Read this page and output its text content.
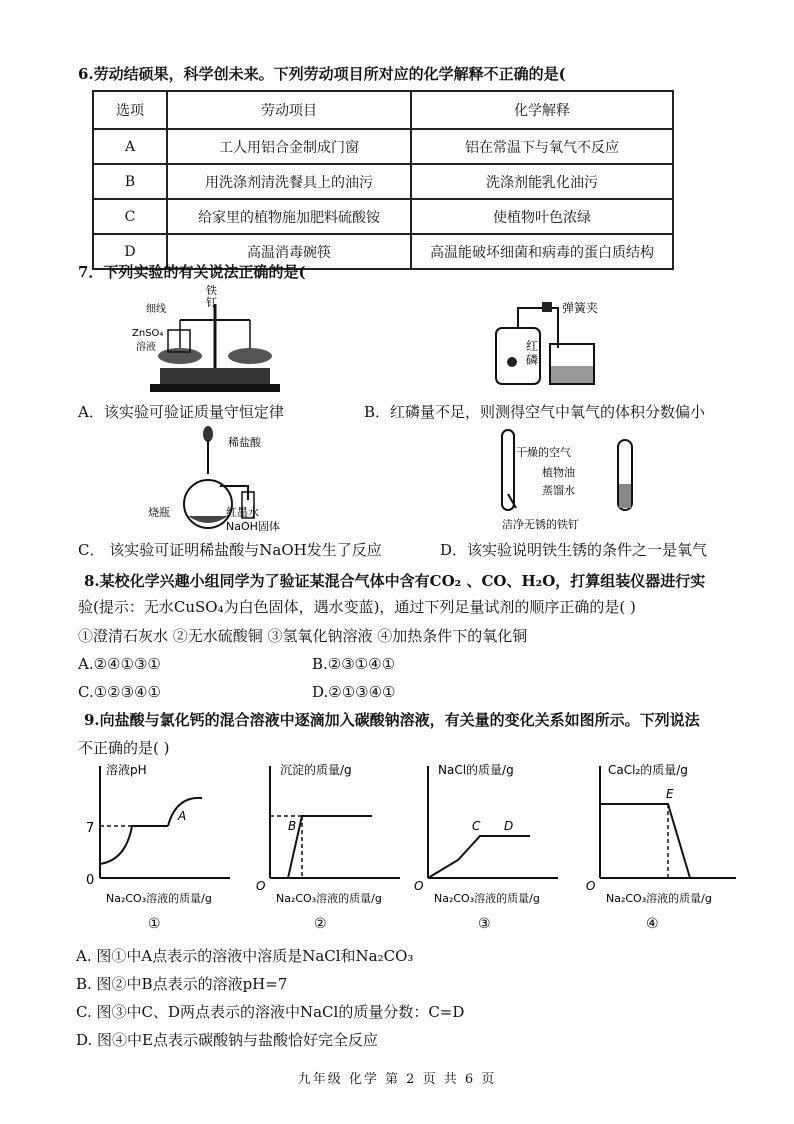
6.劳动结硕果，科学创未来。下列劳动项目所对应的化学解释不正确的是(
选项	劳动项目	化学解释
A	工人用铝合金制成门窗	铝在常温下与氧气不反应
B	用洗涤剂清洗餐具上的油污	洗涤剂能乳化油污
C	给家里的植物施加肥料硫酸铵	使植物叶色浓绿
D	高温消毒碗筷	高温能破坏细菌和病毒的蛋白质结构
7．下列实验的有关说法正确的是(
铁
钉
细线
ZnSO₄
溶液
弹簧夹
红
磷
A．该实验可验证质量守恒定律	B．红磷量不足，则测得空气中氧气的体积分数偏小
稀盐酸
红墨水
NaOH固体
烧瓶
干燥的空气
植物油
蒸馏水
洁净无锈的铁钉
C． 该实验可证明稀盐酸与NaOH发生了反应	D．该实验说明铁生锈的条件之一是氧气
8.某校化学兴趣小组同学为了验证某混合气体中含有CO₂ 、CO、H₂O，打算组装仪器进行实
验(提示：无水CuSO₄为白色固体，遇水变蓝)，通过下列足量试剂的顺序正确的是( )
①澄清石灰水 ②无水硫酸铜 ③氢氧化钠溶液 ④加热条件下的氧化铜
A.②④①③①	B.②③①④①
C.①②③④①	D.②①③④①
9.向盐酸与氯化钙的混合溶液中逐滴加入碳酸钠溶液，有关量的变化关系如图所示。下列说法
不正确的是( )
溶液pH
7
0
A
Na₂CO₃溶液的质量/g
①
沉淀的质量/g
O
B
Na₂CO₃溶液的质量/g
②
NaCl的质量/g
O
C D
Na₂CO₃溶液的质量/g
③
CaCl₂的质量/g
O
E
Na₂CO₃溶液的质量/g
④
A. 图①中A点表示的溶液中溶质是NaCl和Na₂CO₃
B. 图②中B点表示的溶液pH=7
C. 图③中C、D两点表示的溶液中NaCl的质量分数：C=D
D. 图④中E点表示碳酸钠与盐酸恰好完全反应
九年级 化学 第 2 页 共 6 页
